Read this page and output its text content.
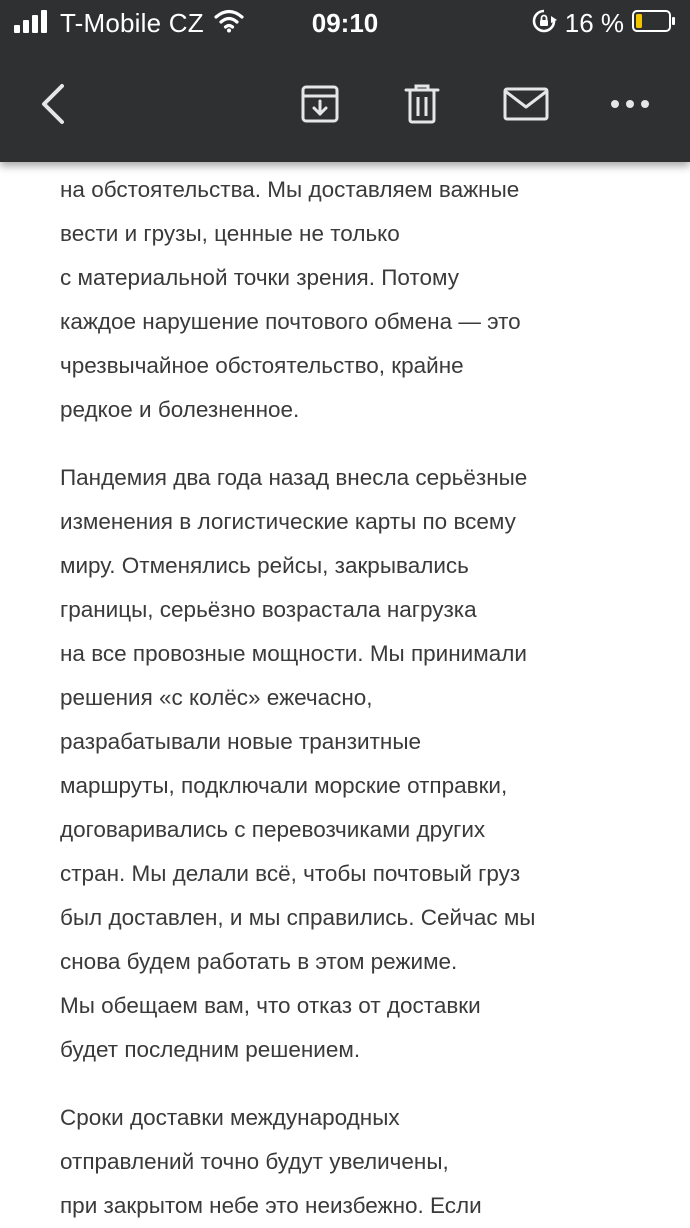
T-Mobile CZ	09:10	16 %

на обстоятельства. Мы доставляем важные
вести и грузы, ценные не только
с материальной точки зрения. Потому
каждое нарушение почтового обмена — это
чрезвычайное обстоятельство, крайне
редкое и болезненное.

Пандемия два года назад внесла серьёзные
изменения в логистические карты по всему
миру. Отменялись рейсы, закрывались
границы, серьёзно возрастала нагрузка
на все провозные мощности. Мы принимали
решения «с колёс» ежечасно,
разрабатывали новые транзитные
маршруты, подключали морские отправки,
договаривались с перевозчиками других
стран. Мы делали всё, чтобы почтовый груз
был доставлен, и мы справились. Сейчас мы
снова будем работать в этом режиме.
Мы обещаем вам, что отказ от доставки
будет последним решением.

Сроки доставки международных
отправлений точно будут увеличены,
при закрытом небе это неизбежно. Если
